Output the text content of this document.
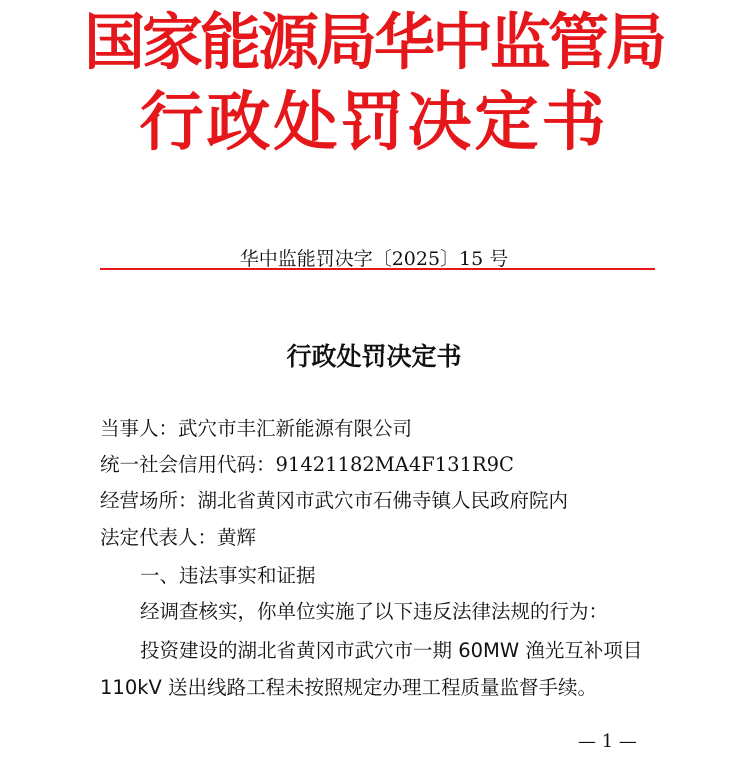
国家能源局华中监管局
行政处罚决定书
华中监能罚决字〔2025〕15 号
行政处罚决定书
当事人：武穴市丰汇新能源有限公司
统一社会信用代码：91421182MA4F131R9C
经营场所：湖北省黄冈市武穴市石佛寺镇人民政府院内
法定代表人：黄辉
一、违法事实和证据
经调查核实，你单位实施了以下违反法律法规的行为：
投资建设的湖北省黄冈市武穴市一期 60MW 渔光互补项目
110kV 送出线路工程未按照规定办理工程质量监督手续。
— 1 —
